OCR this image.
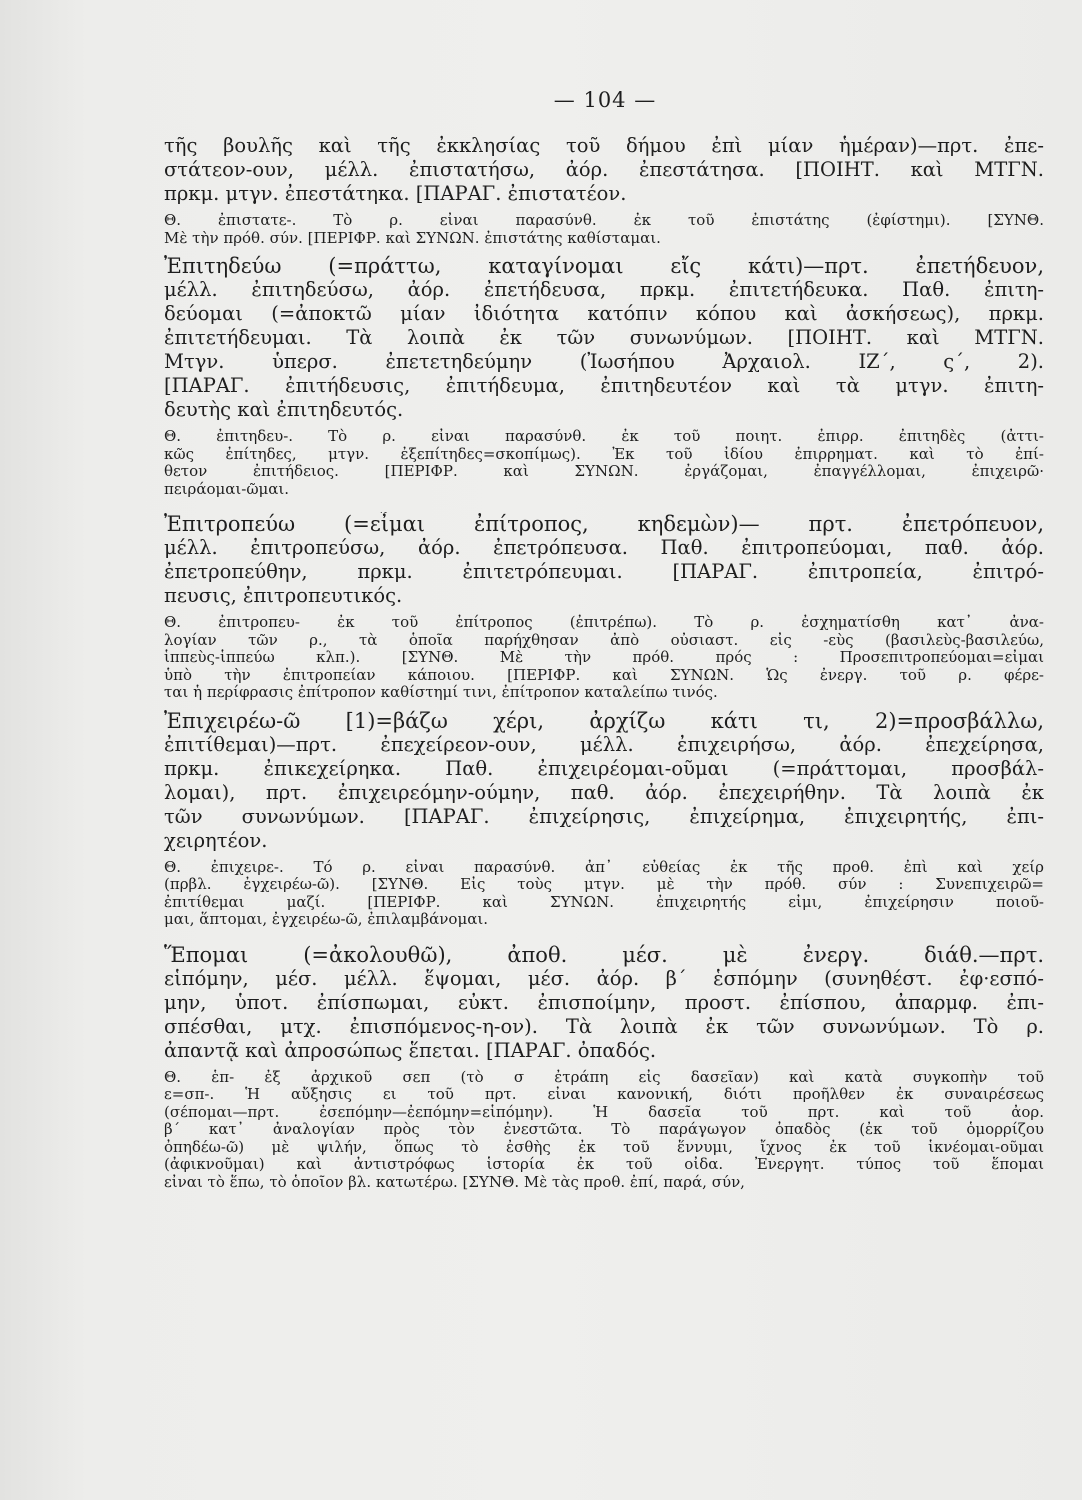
— 104 —

τῆς βουλῆς καὶ τῆς ἐκκλησίας τοῦ δήμου ἐπὶ μίαν ἡμέραν)—πρτ. ἐπε-

στάτεον-ουν, μέλλ. ἐπιστατήσω, ἀόρ. ἐπεστάτησα. [ΠΟΙΗΤ. καὶ ΜΤΓΝ.

πρκμ. μτγν. ἐπεστάτηκα. [ΠΑΡΑΓ. ἐπιστατέον.

Θ. ἐπιστατε-. Τὸ ρ. εἶναι παρασύνθ. ἐκ τοῦ ἐπιστάτης (ἐφίστημι). [ΣΥΝΘ.

Μὲ τὴν πρόθ. σύν. [ΠΕΡΙΦΡ. καὶ ΣΥΝΩΝ. ἐπιστάτης καθίσταμαι.

Ἐπιτηδεύω (=πράττω, καταγίνομαι εἴς κάτι)—πρτ. ἐπετήδευον,

μέλλ. ἐπιτηδεύσω, ἀόρ. ἐπετήδευσα, πρκμ. ἐπιτετήδευκα. Παθ. ἐπιτη-

δεύομαι (=ἀποκτῶ μίαν ἰδιότητα κατόπιν κόπου καὶ ἀσκήσεως), πρκμ.

ἐπιτετήδευμαι. Τὰ λοιπὰ ἐκ τῶν συνωνύμων. [ΠΟΙΗΤ. καὶ ΜΤΓΝ.

Μτγν. ὑπερσ. ἐπετετηδεύμην (Ἰωσήπου Ἀρχαιολ. ΙΖ΄, ς΄, 2).

[ΠΑΡΑΓ. ἐπιτήδευσις, ἐπιτήδευμα, ἐπιτηδευτέον καὶ τὰ μτγν. ἐπιτη-

δευτὴς καὶ ἐπιτηδευτός.

Θ. ἐπιτηδευ-. Τὸ ρ. εἶναι παρασύνθ. ἐκ τοῦ ποιητ. ἐπιρρ. ἐπιτηδὲς (ἀττι-

κῶς ἐπίτηδες, μτγν. ἐξεπίτηδες=σκοπίμως). Ἐκ τοῦ ἰδίου ἐπιρρηματ. καὶ τὸ ἐπί-

θετον ἐπιτήδειος. [ΠΕΡΙΦΡ. καὶ ΣΥΝΩΝ. ἐργάζομαι, ἐπαγγέλλομαι, ἐπιχειρῶ·

πειράομαι-ῶμαι.

Ἐπιτροπεύω (=εἶμαι ἐπίτροπος, κηδεμὼν)— πρτ. ἐπετρόπευον,

μέλλ. ἐπιτροπεύσω, ἀόρ. ἐπετρόπευσα. Παθ. ἐπιτροπεύομαι, παθ. ἀόρ.

ἐπετροπεύθην, πρκμ. ἐπιτετρόπευμαι. [ΠΑΡΑΓ. ἐπιτροπεία, ἐπιτρό-

πευσις, ἐπιτροπευτικός.

Θ. ἐπιτροπευ- ἐκ τοῦ ἐπίτροπος (ἐπιτρέπω). Τὸ ρ. ἐσχηματίσθη κατ᾿ ἀνα-

λογίαν τῶν ρ., τὰ ὁποῖα παρήχθησαν ἀπὸ οὐσιαστ. εἰς -εὺς (βασιλεὺς-βασιλεύω,

ἱππεὺς-ἱππεύω κλπ.). [ΣΥΝΘ. Μὲ τὴν πρόθ. πρός : Προσεπιτροπεύομαι=εἶμαι

ὑπὸ τὴν ἐπιτροπείαν κάποιου. [ΠΕΡΙΦΡ. καὶ ΣΥΝΩΝ. Ὡς ἐνεργ. τοῦ ρ. φέρε-

ται ἡ περίφρασις ἐπίτροπον καθίστημί τινι, ἐπίτροπον καταλείπω τινός.

Ἐπιχειρέω-ῶ [1)=βάζω χέρι, ἀρχίζω κάτι τι, 2)=προσβάλλω,

ἐπιτίθεμαι)—πρτ. ἐπεχείρεον-ουν, μέλλ. ἐπιχειρήσω, ἀόρ. ἐπεχείρησα,

πρκμ. ἐπικεχείρηκα. Παθ. ἐπιχειρέομαι-οῦμαι (=πράττομαι, προσβάλ-

λομαι), πρτ. ἐπιχειρεόμην-ούμην, παθ. ἀόρ. ἐπεχειρήθην. Τὰ λοιπὰ ἐκ

τῶν συνωνύμων. [ΠΑΡΑΓ. ἐπιχείρησις, ἐπιχείρημα, ἐπιχειρητής, ἐπι-

χειρητέον.

Θ. ἐπιχειρε-. Τό ρ. εἶναι παρασύνθ. ἀπ᾿ εὐθείας ἐκ τῆς προθ. ἐπὶ καὶ χείρ

(πρβλ. ἐγχειρέω-ῶ). [ΣΥΝΘ. Εἰς τοὺς μτγν. μὲ τὴν πρόθ. σύν : Συνεπιχειρῶ=

ἐπιτίθεμαι μαζί. [ΠΕΡΙΦΡ. καὶ ΣΥΝΩΝ. ἐπιχειρητής εἰμι, ἐπιχείρησιν ποιοῦ-

μαι, ἅπτομαι, ἐγχειρέω-ῶ, ἐπιλαμβάνομαι.

Ἕπομαι (=ἀκολουθῶ), ἀποθ. μέσ. μὲ ἐνεργ. διάθ.—πρτ.

εἱπόμην, μέσ. μέλλ. ἕψομαι, μέσ. ἀόρ. β΄ ἑσπόμην (συνηθέστ. ἐφ·εσπό-

μην, ὑποτ. ἐπίσπωμαι, εὐκτ. ἐπισποίμην, προστ. ἐπίσπου, ἀπαρμφ. ἐπι-

σπέσθαι, μτχ. ἐπισπόμενος-η-ον). Τὰ λοιπὰ ἐκ τῶν συνωνύμων. Τὸ ρ.

ἀπαντᾷ καὶ ἀπροσώπως ἕπεται. [ΠΑΡΑΓ. ὀπαδός.

Θ. ἑπ- ἐξ ἀρχικοῦ σεπ (τὸ σ ἐτράπη εἰς δασεῖαν) καὶ κατὰ συγκοπὴν τοῦ

ε=σπ-. Ἡ αὔξησις ει τοῦ πρτ. εἶναι κανονική, διότι προῆλθεν ἐκ συναιρέσεως

(σέπομαι—πρτ. ἐσεπόμην—ἐεπόμην=εἱπόμην). Ἡ δασεῖα τοῦ πρτ. καὶ τοῦ ἀορ.

β΄ κατ᾿ ἀναλογίαν πρὸς τὸν ἐνεστῶτα. Τὸ παράγωγον ὀπαδὸς (ἐκ τοῦ ὁμορρίζου

ὀπηδέω-ῶ) μὲ ψιλήν, ὅπως τὸ ἐσθὴς ἐκ τοῦ ἕννυμι, ἴχνος ἐκ τοῦ ἱκνέομαι-οῦμαι

(ἀφικνοῦμαι) καὶ ἀντιστρόφως ἱστορία ἐκ τοῦ οἶδα. Ἐνεργητ. τύπος τοῦ ἕπομαι

εἶναι τὸ ἕπω, τὸ ὁποῖον βλ. κατωτέρω. [ΣΥΝΘ. Μὲ τὰς προθ. ἐπί, παρά, σύν,
